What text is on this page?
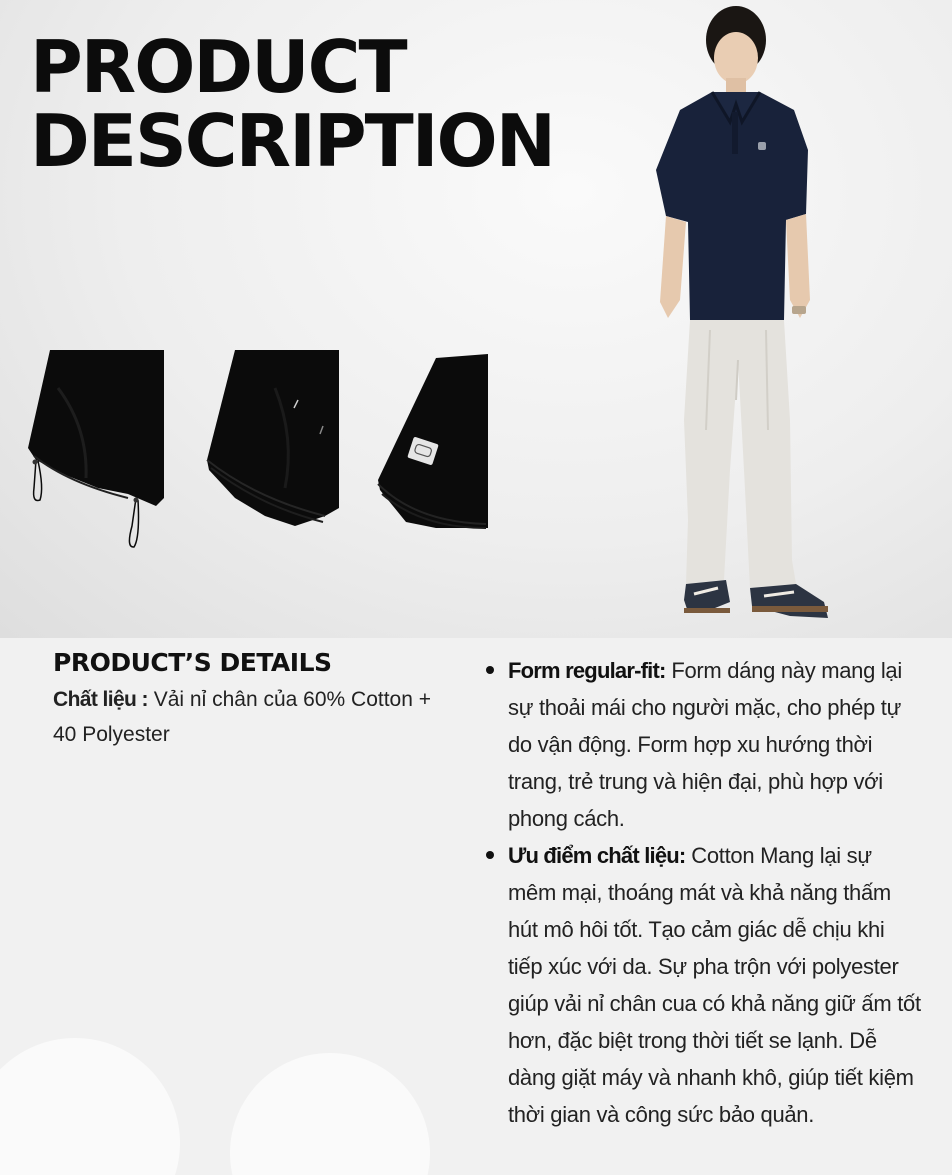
PRODUCT
DESCRIPTION
PRODUCT’S DETAILS

Chất liệu : Vải nỉ chân của 60% Cotton + 40 Polyester

Form regular-fit: Form dáng này mang lại sự thoải mái cho người mặc, cho phép tự do vận động. Form hợp xu hướng thời trang, trẻ trung và hiện đại, phù hợp với phong cách.
Ưu điểm chất liệu: Cotton Mang lại sự mêm mại, thoáng mát và khả năng thấm hút mô hôi tốt. Tạo cảm giác dễ chịu khi tiếp xúc với da. Sự pha trộn với polyester giúp vải nỉ chân cua có khả năng giữ ấm tốt hơn, đặc biệt trong thời tiết se lạnh. Dễ dàng giặt máy và nhanh khô, giúp tiết kiệm thời gian và công sức bảo quản.
